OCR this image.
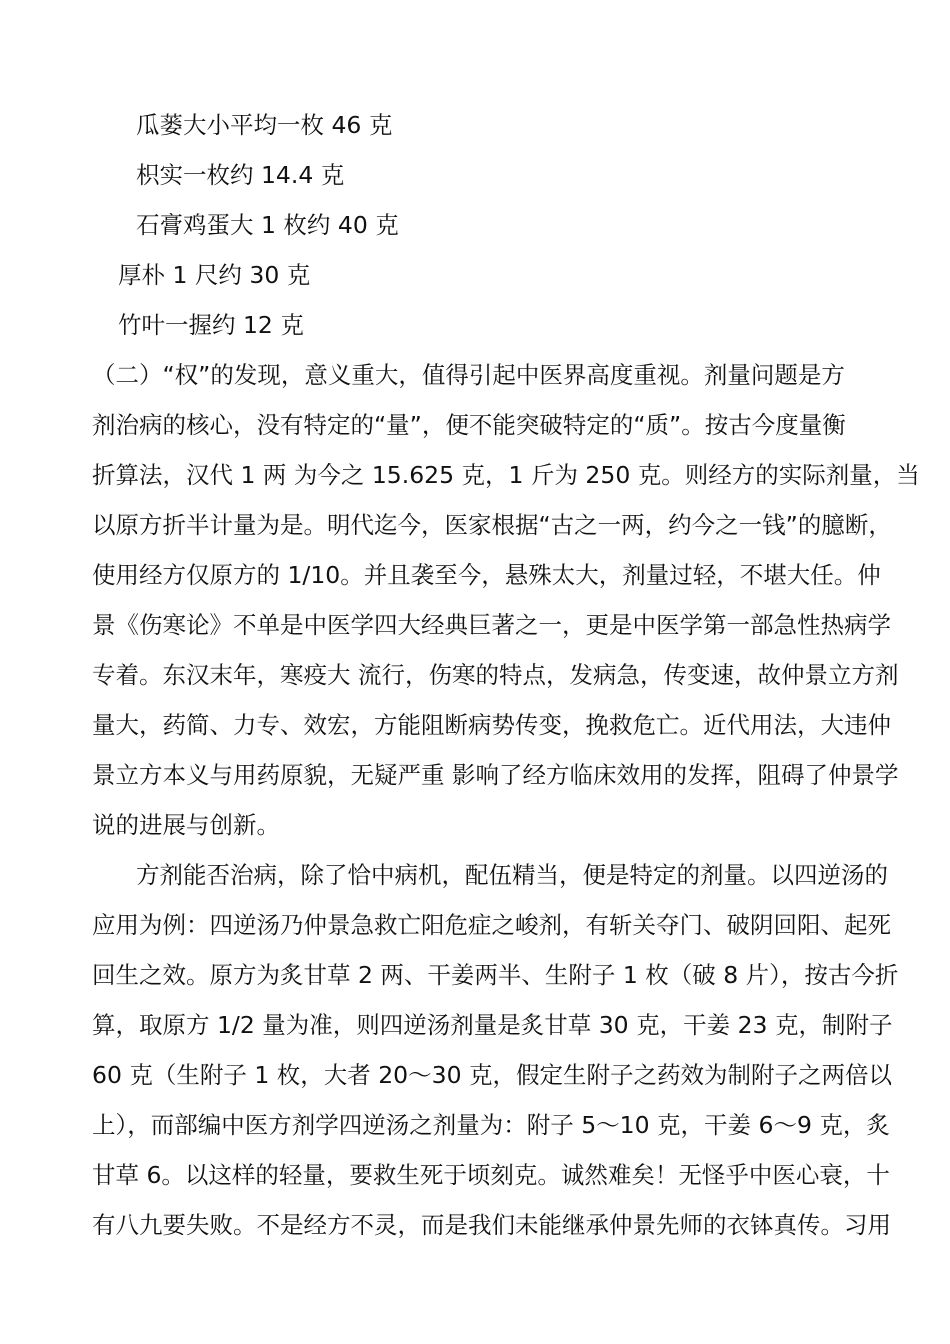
瓜蒌大小平均一枚 46 克
枳实一枚约 14.4 克
石膏鸡蛋大 1 枚约 40 克
厚朴 1 尺约 30 克
竹叶一握约 12 克
（二）“权”的发现，意义重大，值得引起中医界高度重视。剂量问题是方
剂治病的核心，没有特定的“量”，便不能突破特定的“质”。按古今度量衡
折算法，汉代 1 两 为今之 15.625 克，1 斤为 250 克。则经方的实际剂量，当
以原方折半计量为是。明代迄今，医家根据“古之一两，约今之一钱”的臆断，
使用经方仅原方的 1/10。并且袭至今，悬殊太大，剂量过轻，不堪大任。仲
景《伤寒论》不单是中医学四大经典巨著之一，更是中医学第一部急性热病学
专着。东汉末年，寒疫大 流行，伤寒的特点，发病急，传变速，故仲景立方剂
量大，药简、力专、效宏，方能阻断病势传变，挽救危亡。近代用法，大违仲
景立方本义与用药原貌，无疑严重 影响了经方临床效用的发挥，阻碍了仲景学
说的进展与创新。
方剂能否治病，除了恰中病机，配伍精当，便是特定的剂量。以四逆汤的
应用为例：四逆汤乃仲景急救亡阳危症之峻剂，有斩关夺门、破阴回阳、起死
回生之效。原方为炙甘草 2 两、干姜两半、生附子 1 枚（破 8 片），按古今折
算，取原方 1/2 量为准，则四逆汤剂量是炙甘草 30 克，干姜 23 克，制附子
60 克（生附子 1 枚，大者 20～30 克，假定生附子之药效为制附子之两倍以
上），而部编中医方剂学四逆汤之剂量为：附子 5～10 克，干姜 6～9 克，炙
甘草 6。以这样的轻量，要救生死于顷刻克。诚然难矣！无怪乎中医心衰，十
有八九要失败。不是经方不灵，而是我们未能继承仲景先师的衣钵真传。习用
